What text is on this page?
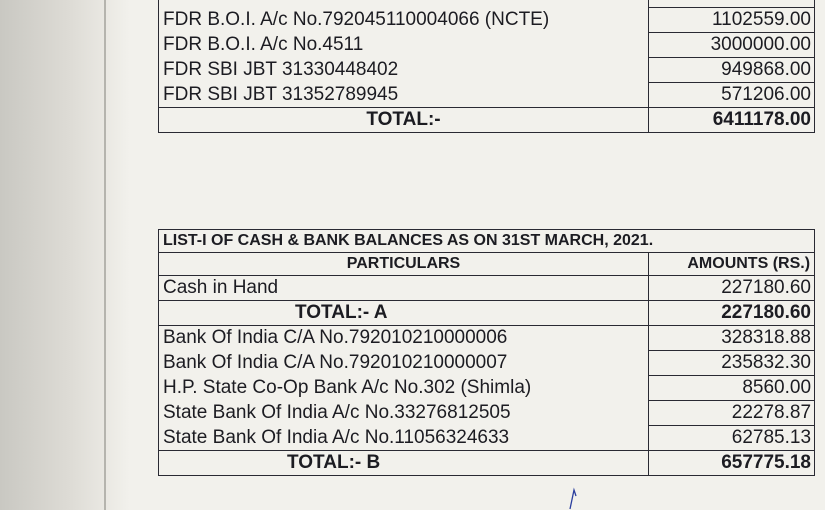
FDR B.O.I. A/c No.792045110004066 (NCTE)	1102559.00
FDR B.O.I. A/c No.4511	3000000.00
FDR SBI JBT 31330448402	949868.00
FDR SBI JBT 31352789945	571206.00
TOTAL:-	6411178.00
LIST-I OF CASH & BANK BALANCES AS ON 31ST MARCH, 2021.	
PARTICULARS	AMOUNTS (RS.)
Cash in Hand	227180.60
TOTAL:- A	227180.60
Bank Of India C/A No.792010210000006	328318.88
Bank Of India C/A No.792010210000007	235832.30
H.P. State Co-Op Bank A/c No.302 (Shimla)	8560.00
State Bank Of India A/c No.33276812505	22278.87
State Bank Of India A/c No.11056324633	62785.13
TOTAL:- B	657775.18
